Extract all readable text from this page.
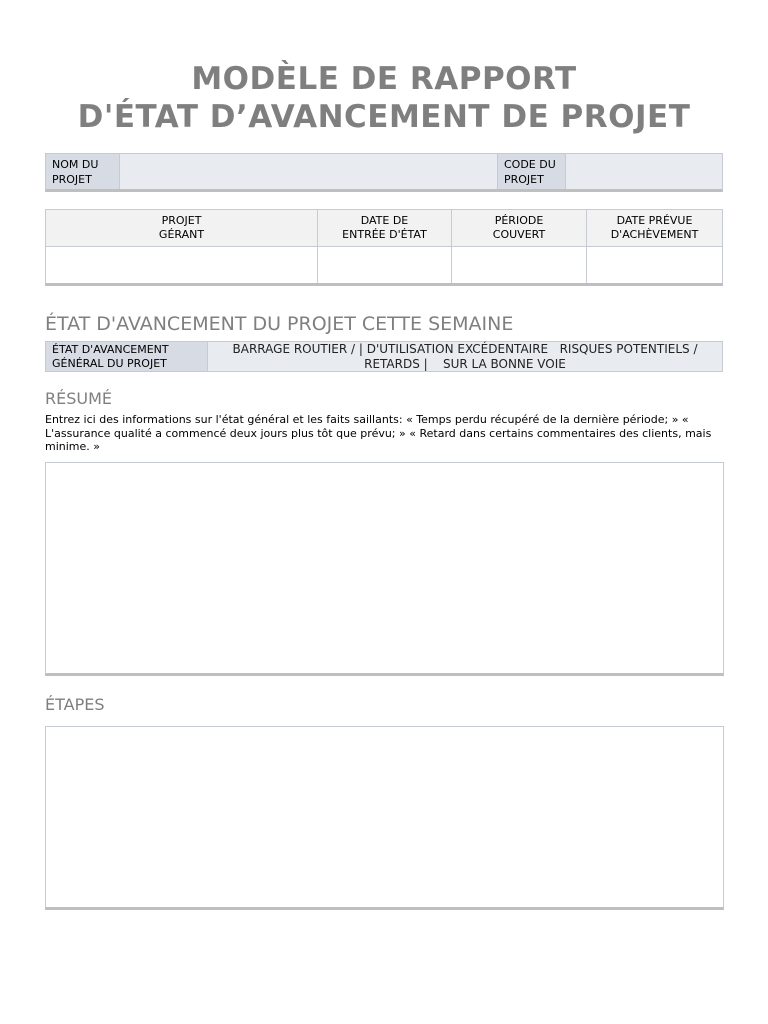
MODÈLE DE RAPPORT
D'ÉTAT D’AVANCEMENT DE PROJET
NOM DU
PROJET
CODE DU
PROJET
PROJET
GÉRANT
DATE DE
ENTRÉE D'ÉTAT
PÉRIODE
COUVERT
DATE PRÉVUE
D'ACHÈVEMENT
ÉTAT D'AVANCEMENT DU PROJET CETTE SEMAINE
ÉTAT D'AVANCEMENT
GÉNÉRAL DU PROJET
BARRAGE ROUTIER / | D'UTILISATION EXCÉDENTAIRE   RISQUES POTENTIELS /
RETARDS |    SUR LA BONNE VOIE
RÉSUMÉ
Entrez ici des informations sur l'état général et les faits saillants: « Temps perdu récupéré de la dernière période; » « L'assurance qualité a commencé deux jours plus tôt que prévu; » « Retard dans certains commentaires des clients, mais minime. »
ÉTAPES
